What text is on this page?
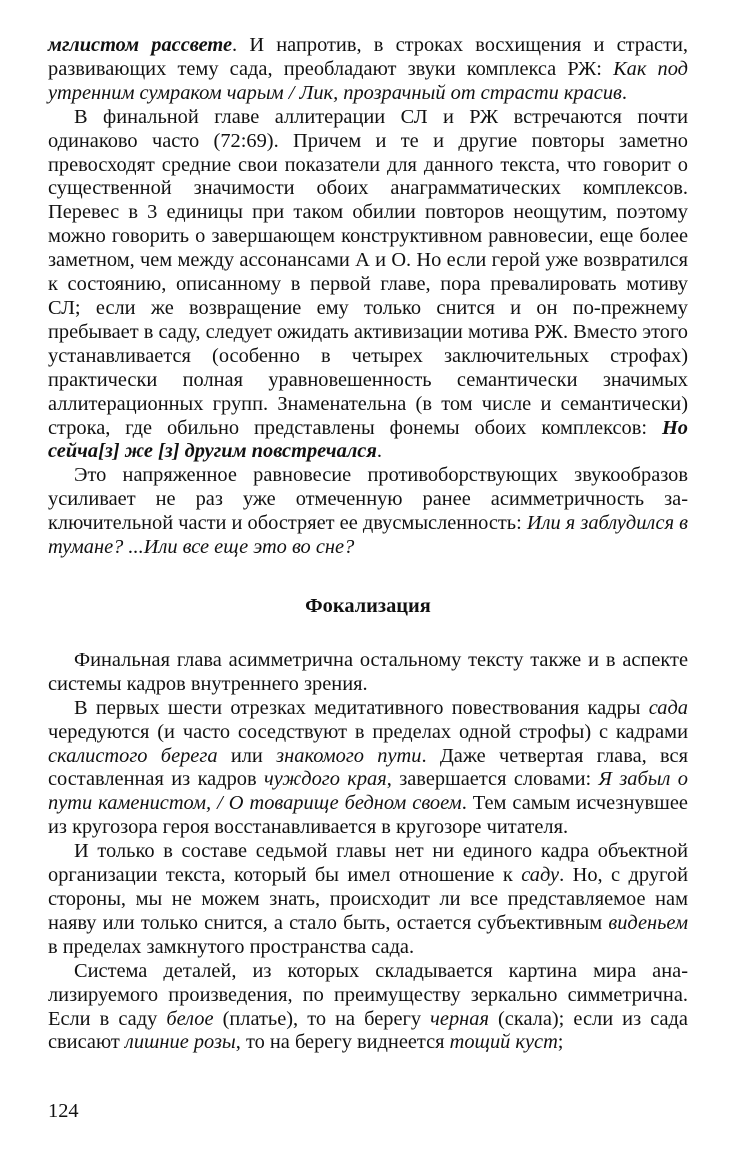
мглистом рассвете. И напротив, в строках восхищения и страсти, развивающих тему сада, преобладают звуки комплекса РЖ: Как под утренним сумраком чарым / Лик, прозрачный от страсти красив.

В финальной главе аллитерации СЛ и РЖ встречаются почти одинаково часто (72:69). Причем и те и другие повторы заметно превосходят средние свои показатели для данного текста, что говорит о существенной значимости обоих анаграмматических комплексов. Перевес в 3 единицы при таком обилии повторов неощутим, поэтому можно говорить о завершающем конструктивном равновесии, еще более заметном, чем между ассонансами А и О. Но если герой уже возвратился к состоянию, описанному в первой главе, пора превалировать мотиву СЛ; если же возвращение ему только снится и он по-прежнему пребывает в саду, следует ожидать активизации мотива РЖ. Вместо этого устанавливается (особенно в четырех заключительных строфах) практически полная уравновешенность семантически значимых аллитерационных групп. Знаменательна (в том числе и семантически) строка, где обильно представлены фонемы обоих комплексов: Но сейча[з] же [з] другим повстречался.

Это напряженное равновесие противоборствующих звукообразов усиливает не раз уже отмеченную ранее асимметричность заключительной части и обостряет ее двусмысленность: Или я заблудился в тумане? ...Или все еще это во сне?

Фокализация

Финальная глава асимметрична остальному тексту также и в аспекте системы кадров внутреннего зрения.

В первых шести отрезках медитативного повествования кадры сада чередуются (и часто соседствуют в пределах одной строфы) с кадрами скалистого берега или знакомого пути. Даже четвертая глава, вся составленная из кадров чуждого края, завершается словами: Я забыл о пути каменистом, / О товарище бедном своем. Тем самым исчезнувшее из кругозора героя восстанавливается в кругозоре читателя.

И только в составе седьмой главы нет ни единого кадра объектной организации текста, который бы имел отношение к саду. Но, с другой стороны, мы не можем знать, происходит ли все представляемое нам наяву или только снится, а стало быть, остается субъективным виденьем в пределах замкнутого пространства сада.

Система деталей, из которых складывается картина мира анализируемого произведения, по преимуществу зеркально симметрична. Если в саду белое (платье), то на берегу черная (скала); если из сада свисают лишние розы, то на берегу виднеется тощий куст;

124
